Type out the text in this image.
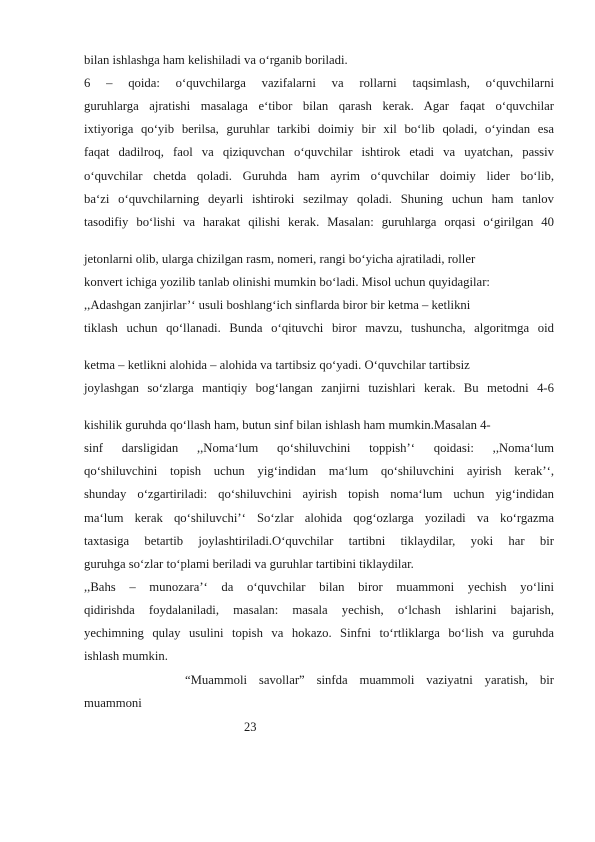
bilan ishlashga ham kelishiladi va o‘rganib boriladi.
6 – qoida: o‘quvchilarga vazifalarni va rollarni taqsimlash, o‘quvchilarni
guruhlarga ajratishi masalaga e‘tibor bilan qarash kerak. Agar faqat o‘quvchilar
ixtiyoriga qo‘yib berilsa, guruhlar tarkibi doimiy bir xil bo‘lib qoladi, o‘yindan esa
faqat dadilroq, faol va qiziquvchan o‘quvchilar ishtirok etadi va uyatchan, passiv
o‘quvchilar chetda qoladi. Guruhda ham ayrim o‘quvchilar doimiy lider bo‘lib,
ba‘zi o‘quvchilarning deyarli ishtiroki sezilmay qoladi. Shuning uchun ham tanlov
tasodifiy bo‘lishi va harakat qilishi kerak. Masalan: guruhlarga orqasi o‘girilgan 40
jetonlarni olib, ularga chizilgan rasm, nomeri, rangi bo‘yicha ajratiladi, roller
konvert ichiga yozilib tanlab olinishi mumkin bo‘ladi. Misol uchun quyidagilar:
,,Adashgan zanjirlar’‘ usuli boshlang‘ich sinflarda biror bir ketma – ketlikni
tiklash uchun qo‘llanadi. Bunda o‘qituvchi biror mavzu, tushuncha, algoritmga oid
ketma – ketlikni alohida – alohida va tartibsiz qo‘yadi. O‘quvchilar tartibsiz
joylashgan so‘zlarga mantiqiy bog‘langan zanjirni tuzishlari kerak. Bu metodni 4-6
kishilik guruhda qo‘llash ham, butun sinf bilan ishlash ham mumkin.Masalan 4-
sinf darsligidan ,,Noma‘lum qo‘shiluvchini toppish’‘ qoidasi: ,,Noma‘lum
qo‘shiluvchini topish uchun yig‘indidan ma‘lum qo‘shiluvchini ayirish kerak’‘,
shunday o‘zgartiriladi: qo‘shiluvchini ayirish topish noma‘lum uchun yig‘indidan
ma‘lum kerak qo‘shiluvchi’‘ So‘zlar alohida qog‘ozlarga yoziladi va ko‘rgazma
taxtasiga betartib joylashtiriladi.O‘quvchilar tartibni tiklaydilar, yoki har bir
guruhga so‘zlar to‘plami beriladi va guruhlar tartibini tiklaydilar.
,,Bahs – munozara’‘ da o‘quvchilar bilan biror muammoni yechish yo‘lini
qidirishda foydalaniladi, masalan: masala yechish, o‘lchash ishlarini bajarish,
yechimning qulay usulini topish va hokazo. Sinfni to‘rtliklarga bo‘lish va guruhda
ishlash mumkin.
“Muammoli savollar” sinfda muammoli vaziyatni yaratish, bir
muammoni
23
